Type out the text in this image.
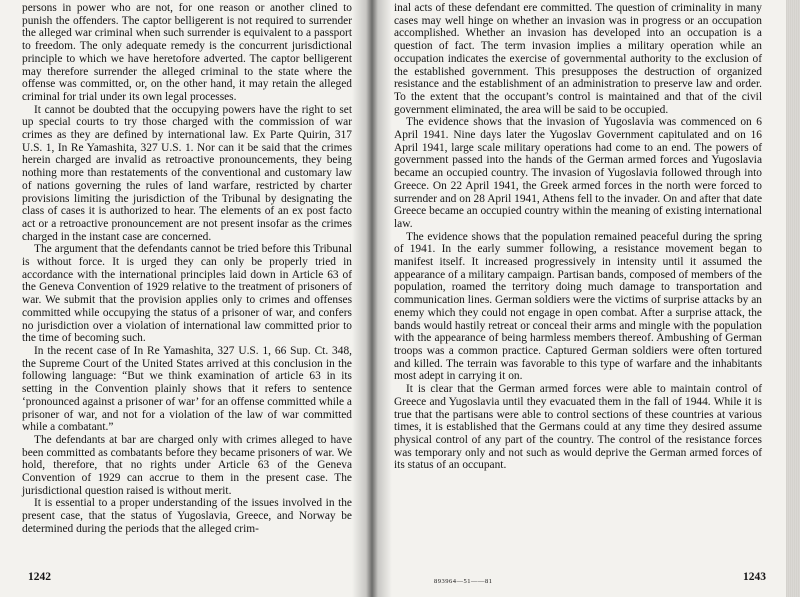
persons in power who are not, for one reason or another clined to punish the offenders. The captor belligerent is not required to surrender the alleged war criminal when such surrender is equivalent to a passport to freedom. The only adequate remedy is the concurrent jurisdictional principle to which we have heretofore adverted. The captor belligerent may therefore surrender the alleged criminal to the state where the offense was committed, or, on the other hand, it may retain the alleged criminal for trial under its own legal processes.

It cannot be doubted that the occupying powers have the right to set up special courts to try those charged with the commission of war crimes as they are defined by international law. Ex Parte Quirin, 317 U.S. 1, In Re Yamashita, 327 U.S. 1. Nor can it be said that the crimes herein charged are invalid as retroactive pronouncements, they being nothing more than restatements of the conventional and customary law of nations governing the rules of land warfare, restricted by charter provisions limiting the jurisdiction of the Tribunal by designating the class of cases it is authorized to hear. The elements of an ex post facto act or a retroactive pronouncement are not present insofar as the crimes charged in the instant case are concerned.

The argument that the defendants cannot be tried before this Tribunal is without force. It is urged they can only be properly tried in accordance with the international principles laid down in Article 63 of the Geneva Convention of 1929 relative to the treatment of prisoners of war. We submit that the provision applies only to crimes and offenses committed while occupying the status of a prisoner of war, and confers no jurisdiction over a violation of international law committed prior to the time of becoming such.

In the recent case of In Re Yamashita, 327 U.S. 1, 66 Sup. Ct. 348, the Supreme Court of the United States arrived at this conclusion in the following language: “But we think examination of article 63 in its setting in the Convention plainly shows that it refers to sentence ‘pronounced against a prisoner of war’ for an offense committed while a prisoner of war, and not for a violation of the law of war committed while a combatant.”

The defendants at bar are charged only with crimes alleged to have been committed as combatants before they became prisoners of war. We hold, therefore, that no rights under Article 63 of the Geneva Convention of 1929 can accrue to them in the present case. The jurisdictional question raised is without merit.

It is essential to a proper understanding of the issues involved in the present case, that the status of Yugoslavia, Greece, and Norway be determined during the periods that the alleged crim-

1242

inal acts of these defendant ere committed. The question of criminality in many cases may well hinge on whether an invasion was in progress or an occupation accomplished. Whether an invasion has developed into an occupation is a question of fact. The term invasion implies a military operation while an occupation indicates the exercise of governmental authority to the exclusion of the established government. This presupposes the destruction of organized resistance and the establishment of an administration to preserve law and order. To the extent that the occupant’s control is maintained and that of the civil government eliminated, the area will be said to be occupied.

The evidence shows that the invasion of Yugoslavia was commenced on 6 April 1941. Nine days later the Yugoslav Government capitulated and on 16 April 1941, large scale military operations had come to an end. The powers of government passed into the hands of the German armed forces and Yugoslavia became an occupied country. The invasion of Yugoslavia followed through into Greece. On 22 April 1941, the Greek armed forces in the north were forced to surrender and on 28 April 1941, Athens fell to the invader. On and after that date Greece became an occupied country within the meaning of existing international law.

The evidence shows that the population remained peaceful during the spring of 1941. In the early summer following, a resistance movement began to manifest itself. It increased progressively in intensity until it assumed the appearance of a military campaign. Partisan bands, composed of members of the population, roamed the territory doing much damage to transportation and communication lines. German soldiers were the victims of surprise attacks by an enemy which they could not engage in open combat. After a surprise attack, the bands would hastily retreat or conceal their arms and mingle with the population with the appearance of being harmless members thereof. Ambushing of German troops was a common practice. Captured German soldiers were often tortured and killed. The terrain was favorable to this type of warfare and the inhabitants most adept in carrying it on.

It is clear that the German armed forces were able to maintain control of Greece and Yugoslavia until they evacuated them in the fall of 1944. While it is true that the partisans were able to control sections of these countries at various times, it is established that the Germans could at any time they desired assume physical control of any part of the country. The control of the resistance forces was temporary only and not such as would deprive the German armed forces of its status of an occupant.

893964—51——81	1243
